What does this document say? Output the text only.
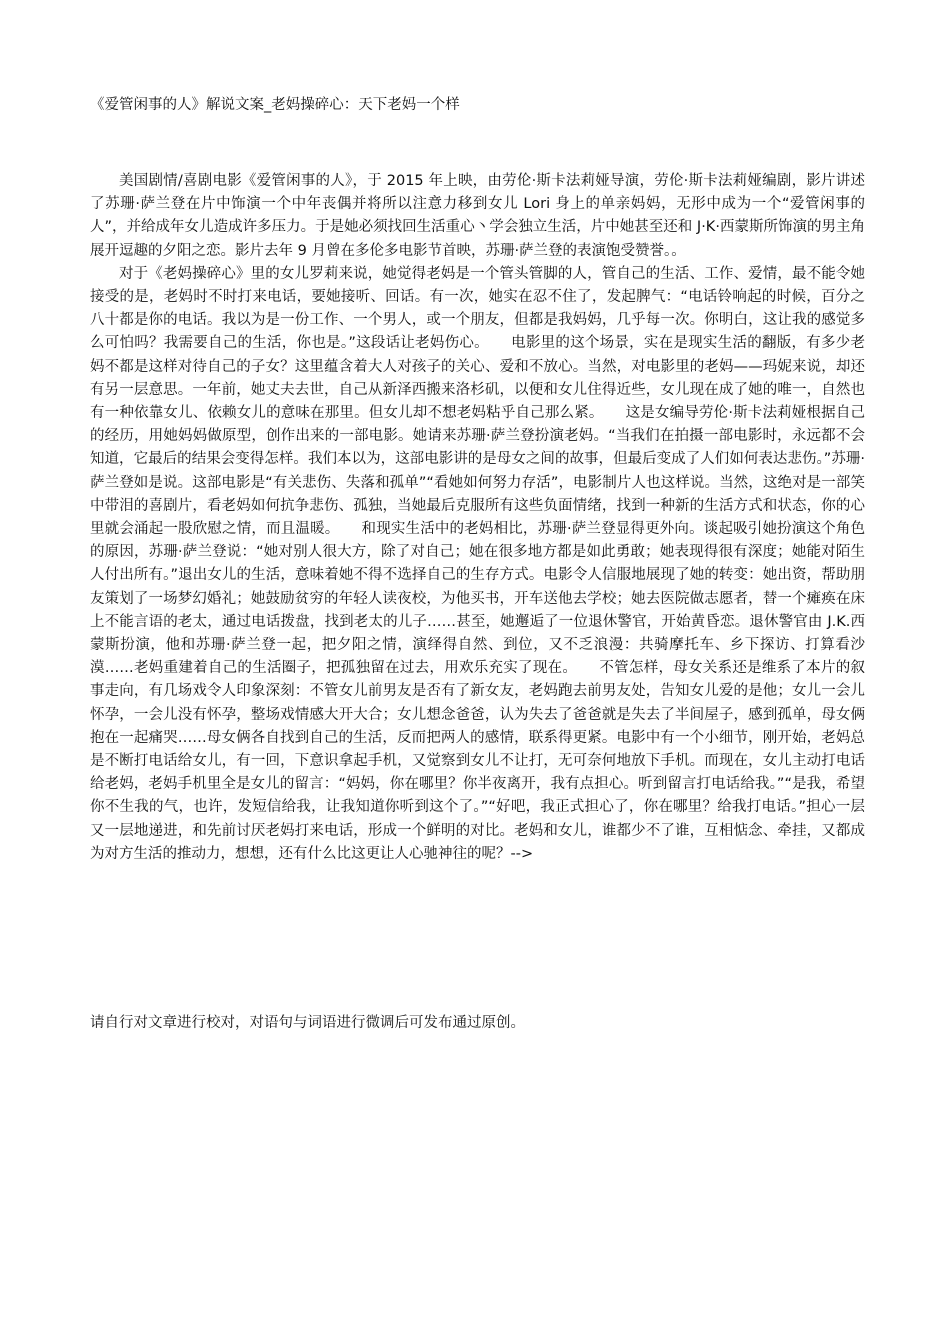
《爱管闲事的人》解说文案_老妈操碎心：天下老妈一个样

美国剧情/喜剧电影《爱管闲事的人》，于 2015 年上映，由劳伦·斯卡法莉娅导演，劳伦·斯卡法莉娅编剧，影片讲述了苏珊·萨兰登在片中饰演一个中年丧偶并将所以注意力移到女儿 Lori 身上的单亲妈妈，无形中成为一个“爱管闲事的人”，并给成年女儿造成许多压力。于是她必须找回生活重心丶学会独立生活，片中她甚至还和 J·K·西蒙斯所饰演的男主角展开逗趣的夕阳之恋。影片去年 9 月曾在多伦多电影节首映，苏珊·萨兰登的表演饱受赞誉。。

对于《老妈操碎心》里的女儿罗莉来说，她觉得老妈是一个管头管脚的人，管自己的生活、工作、爱情，最不能令她接受的是，老妈时不时打来电话，要她接听、回话。有一次，她实在忍不住了，发起脾气：“电话铃响起的时候，百分之八十都是你的电话。我以为是一份工作、一个男人，或一个朋友，但都是我妈妈，几乎每一次。你明白，这让我的感觉多么可怕吗？我需要自己的生活，你也是。”这段话让老妈伤心。　　电影里的这个场景，实在是现实生活的翻版，有多少老妈不都是这样对待自己的子女？这里蕴含着大人对孩子的关心、爱和不放心。当然，对电影里的老妈——玛妮来说，却还有另一层意思。一年前，她丈夫去世，自己从新泽西搬来洛杉矶，以便和女儿住得近些，女儿现在成了她的唯一，自然也有一种依靠女儿、依赖女儿的意味在那里。但女儿却不想老妈粘乎自己那么紧。　　这是女编导劳伦·斯卡法莉娅根据自己的经历，用她妈妈做原型，创作出来的一部电影。她请来苏珊·萨兰登扮演老妈。“当我们在拍摄一部电影时，永远都不会知道，它最后的结果会变得怎样。我们本以为，这部电影讲的是母女之间的故事，但最后变成了人们如何表达悲伤。”苏珊·萨兰登如是说。这部电影是“有关悲伤、失落和孤单”“看她如何努力存活”，电影制片人也这样说。当然，这绝对是一部笑中带泪的喜剧片，看老妈如何抗争悲伤、孤独，当她最后克服所有这些负面情绪，找到一种新的生活方式和状态，你的心里就会涌起一股欣慰之情，而且温暖。　　和现实生活中的老妈相比，苏珊·萨兰登显得更外向。谈起吸引她扮演这个角色的原因，苏珊·萨兰登说：“她对别人很大方，除了对自己；她在很多地方都是如此勇敢；她表现得很有深度；她能对陌生人付出所有。”退出女儿的生活，意味着她不得不选择自己的生存方式。电影令人信服地展现了她的转变：她出资，帮助朋友策划了一场梦幻婚礼；她鼓励贫穷的年轻人读夜校，为他买书，开车送他去学校；她去医院做志愿者，替一个瘫痪在床上不能言语的老太，通过电话拨盘，找到老太的儿子……甚至，她邂逅了一位退休警官，开始黄昏恋。退休警官由 J.K.西蒙斯扮演，他和苏珊·萨兰登一起，把夕阳之情，演绎得自然、到位，又不乏浪漫：共骑摩托车、乡下探访、打算看沙漠……老妈重建着自己的生活圈子，把孤独留在过去，用欢乐充实了现在。　　不管怎样，母女关系还是维系了本片的叙事走向，有几场戏令人印象深刻：不管女儿前男友是否有了新女友，老妈跑去前男友处，告知女儿爱的是他；女儿一会儿怀孕，一会儿没有怀孕，整场戏情感大开大合；女儿想念爸爸，认为失去了爸爸就是失去了半间屋子，感到孤单，母女俩抱在一起痛哭……母女俩各自找到自己的生活，反而把两人的感情，联系得更紧。电影中有一个小细节，刚开始，老妈总是不断打电话给女儿，有一回，下意识拿起手机，又觉察到女儿不让打，无可奈何地放下手机。而现在，女儿主动打电话给老妈，老妈手机里全是女儿的留言：“妈妈，你在哪里？你半夜离开，我有点担心。听到留言打电话给我。”“是我，希望你不生我的气，也许，发短信给我，让我知道你听到这个了。”“好吧，我正式担心了，你在哪里？给我打电话。”担心一层又一层地递进，和先前讨厌老妈打来电话，形成一个鲜明的对比。老妈和女儿，谁都少不了谁，互相惦念、牵挂，又都成为对方生活的推动力，想想，还有什么比这更让人心驰神往的呢？-->

请自行对文章进行校对，对语句与词语进行微调后可发布通过原创。
